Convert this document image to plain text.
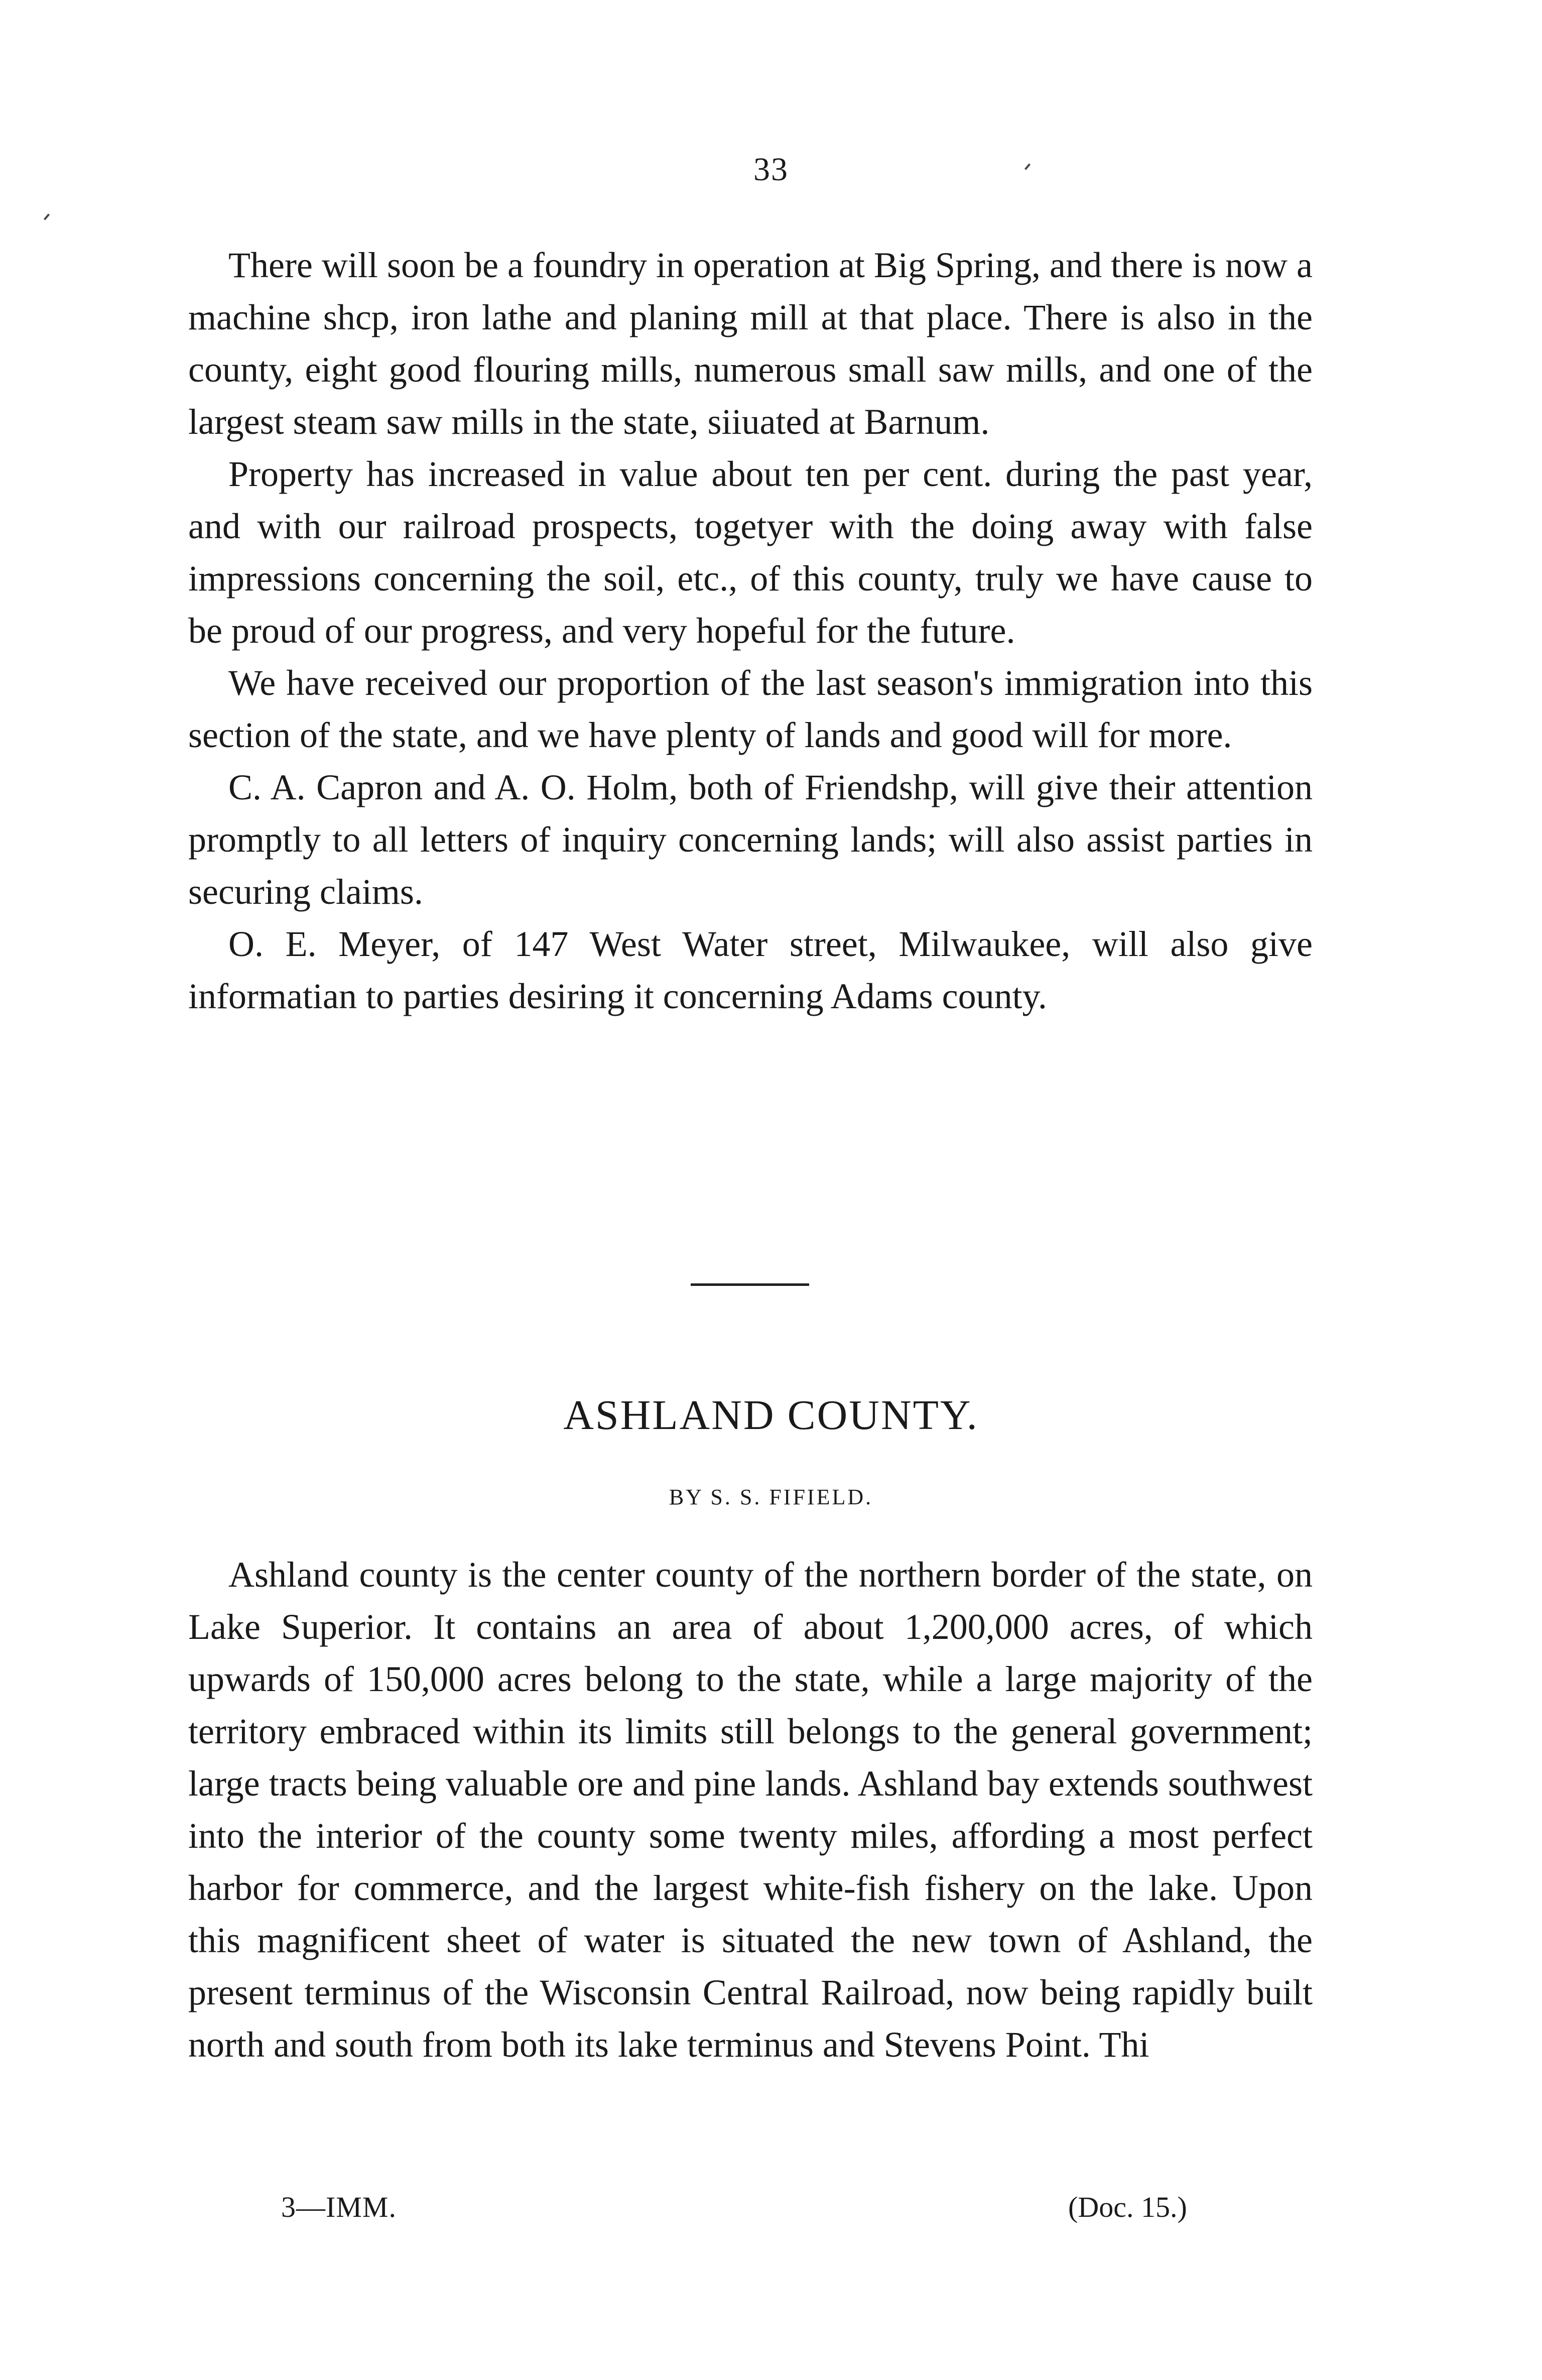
33

There will soon be a foundry in operation at Big Spring, and there is now a machine shcp, iron lathe and planing mill at that place. There is also in the county, eight good flouring mills, numerous small saw mills, and one of the largest steam saw mills in the state, siiuated at Barnum.

Property has increased in value about ten per cent. during the past year, and with our railroad prospects, togetyer with the doing away with false impressions concerning the soil, etc., of this county, truly we have cause to be proud of our progress, and very hopeful for the future.

We have received our proportion of the last season's immigration into this section of the state, and we have plenty of lands and good will for more.

C. A. Capron and A. O. Holm, both of Friendshp, will give their attention promptly to all letters of inquiry concerning lands; will also assist parties in securing claims.

O. E. Meyer, of 147 West Water street, Milwaukee, will also give informatian to parties desiring it concerning Adams county.

ASHLAND COUNTY.
BY S. S. FIFIELD.

Ashland county is the center county of the northern border of the state, on Lake Superior. It contains an area of about 1,200,000 acres, of which upwards of 150,000 acres belong to the state, while a large majority of the territory embraced within its limits still belongs to the general government; large tracts being valuable ore and pine lands. Ashland bay extends southwest into the interior of the county some twenty miles, affording a most perfect harbor for commerce, and the largest white-fish fishery on the lake. Upon this magnificent sheet of water is situated the new town of Ashland, the present terminus of the Wisconsin Central Railroad, now being rapidly built north and south from both its lake terminus and Stevens Point. Thi

3—IMM.	(Doc. 15.)
